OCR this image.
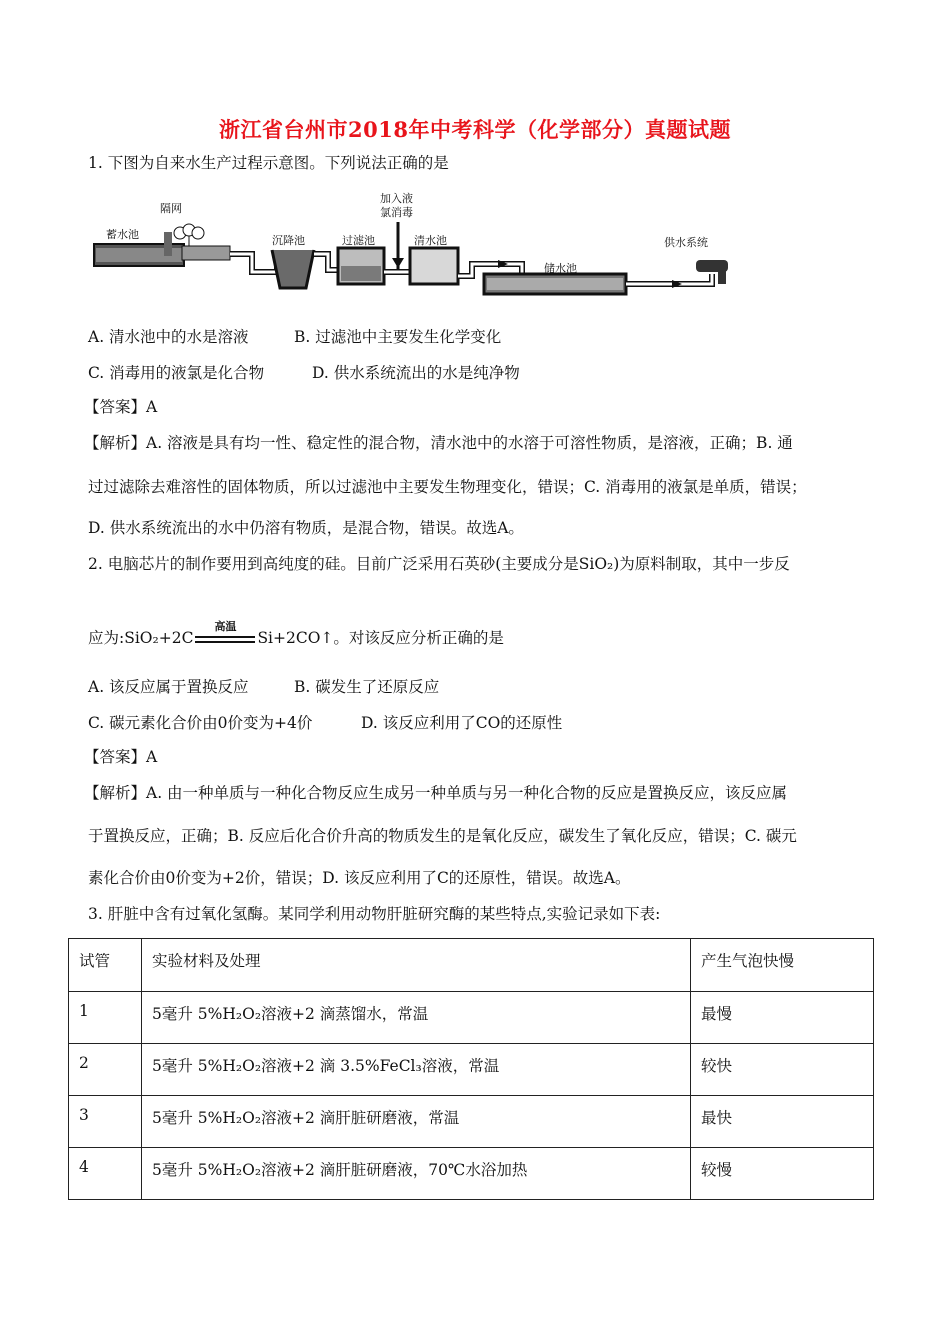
浙江省台州市2018年中考科学（化学部分）真题试题
1. 下图为自来水生产过程示意图。下列说法正确的是
蓄水池
隔网
沉降池	过滤池
加入液
氯消毒
清水池
储水池
供水系统
A. 清水池中的水是溶液	B. 过滤池中主要发生化学变化
C. 消毒用的液氯是化合物	D. 供水系统流出的水是纯净物
【答案】A
【解析】A. 溶液是具有均一性、稳定性的混合物，清水池中的水溶于可溶性物质，是溶液，正确；B. 通
过过滤除去难溶性的固体物质，所以过滤池中主要发生物理变化，错误；C. 消毒用的液氯是单质，错误；
D. 供水系统流出的水中仍溶有物质，是混合物，错误。故选A。
2. 电脑芯片的制作要用到高纯度的硅。目前广泛采用石英砂(主要成分是SiO₂)为原料制取，其中一步反
应为:SiO₂+2C
高温
Si+2CO↑。对该反应分析正确的是
A. 该反应属于置换反应	B. 碳发生了还原反应
C. 碳元素化合价由0价变为+4价	D. 该反应利用了CO的还原性
【答案】A
【解析】A. 由一种单质与一种化合物反应生成另一种单质与另一种化合物的反应是置换反应，该反应属
于置换反应，正确；B. 反应后化合价升高的物质发生的是氧化反应，碳发生了氧化反应，错误；C. 碳元
素化合价由0价变为+2价，错误；D. 该反应利用了C的还原性，错误。故选A。
3. 肝脏中含有过氧化氢酶。某同学利用动物肝脏研究酶的某些特点,实验记录如下表:
试管	实验材料及处理	产生气泡快慢
1	5毫升 5%H₂O₂溶液+2 滴蒸馏水，常温	最慢
2	5毫升 5%H₂O₂溶液+2 滴 3.5%FeCl₃溶液，常温	较快
3	5毫升 5%H₂O₂溶液+2 滴肝脏研磨液，常温	最快
4	5毫升 5%H₂O₂溶液+2 滴肝脏研磨液，70℃水浴加热	较慢
